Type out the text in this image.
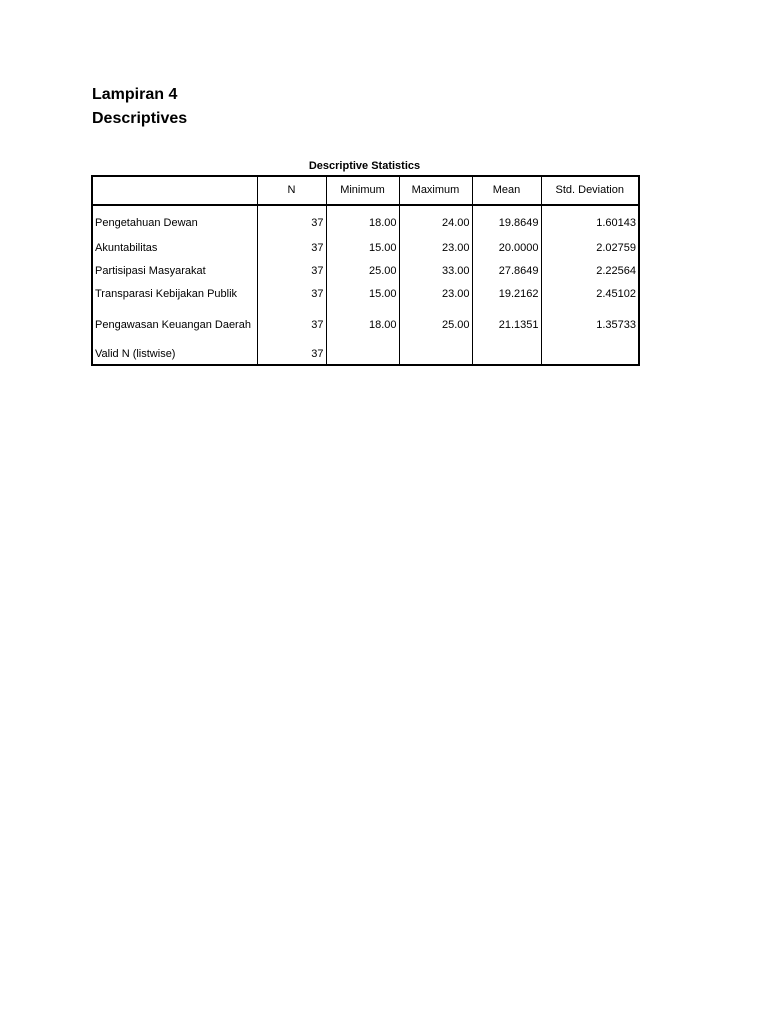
Lampiran 4
Descriptives
Descriptive Statistics
	N	Minimum	Maximum	Mean	Std. Deviation
Pengetahuan Dewan	37	18.00	24.00	19.8649	1.60143
Akuntabilitas	37	15.00	23.00	20.0000	2.02759
Partisipasi Masyarakat	37	25.00	33.00	27.8649	2.22564
Transparasi Kebijakan Publik	37	15.00	23.00	19.2162	2.45102
Pengawasan Keuangan Daerah	37	18.00	25.00	21.1351	1.35733
Valid N (listwise)	37				
